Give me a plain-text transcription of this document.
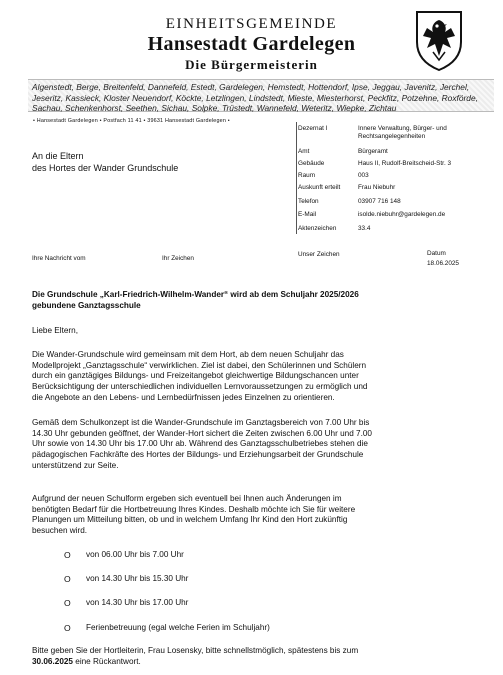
EINHEITSGEMEINDE
Hansestadt Gardelegen
Die Bürgermeisterin
Algenstedt, Berge, Breitenfeld, Dannefeld, Estedt, Gardelegen, Hemstedt, Hottendorf, Ipse, Jeggau, Javenitz, Jerchel,
Jeseritz, Kassieck, Kloster Neuendorf, Köckte, Letzlingen, Lindstedt, Mieste, Miesterhorst, Peckfitz, Potzehne, Roxförde,
Sachau, Schenkenhorst, Seethen, Sichau, Solpke, Trüstedt, Wannefeld, Weteritz, Wiepke, Zichtau
• Hansestadt Gardelegen • Postfach 11 41 • 39631 Hansestadt Gardelegen •
An die Eltern
des Hortes der Wander Grundschule
Dezernat I	Innere Verwaltung, Bürger- und
Rechtsangelegenheiten
Amt	Bürgeramt
Gebäude	Haus II, Rudolf-Breitscheid-Str. 3
Raum	003
Auskunft erteilt	Frau Niebuhr
Telefon	03907 716 148
E-Mail	isolde.niebuhr@gardelegen.de
Aktenzeichen	33.4
Ihre Nachricht vom	Ihr Zeichen
Unser Zeichen	Datum
18.06.2025
Die Grundschule „Karl-Friedrich-Wilhelm-Wander“ wird ab dem Schuljahr 2025/2026
gebundene Ganztagsschule
Liebe Eltern,
Die Wander-Grundschule wird gemeinsam mit dem Hort, ab dem neuen Schuljahr das
Modellprojekt „Ganztagsschule“ verwirklichen. Ziel ist dabei, den Schülerinnen und Schülern
durch ein ganztägiges Bildungs- und Freizeitangebot gleichwertige Bildungschancen unter
Berücksichtigung der unterschiedlichen individuellen Lernvoraussetzungen zu ermöglich und
die Angebote an den Lebens- und Lernbedürfnissen jedes Einzelnen zu orientieren.
Gemäß dem Schulkonzept ist die Wander-Grundschule im Ganztagsbereich von 7.00 Uhr bis
14.30 Uhr gebunden geöffnet, der Wander-Hort sichert die Zeiten zwischen 6.00 Uhr und 7.00
Uhr sowie von 14.30 Uhr bis 17.00 Uhr ab. Während des Ganztagsschulbetriebes stehen die
pädagogischen Fachkräfte des Hortes der Bildungs- und Erziehungsarbeit der Grundschule
unterstützend zur Seite.
Aufgrund der neuen Schulform ergeben sich eventuell bei Ihnen auch Änderungen im
benötigten Bedarf für die Hortbetreuung Ihres Kindes. Deshalb möchte ich Sie für weitere
Planungen um Mitteilung bitten, ob und in welchem Umfang Ihr Kind den Hort zukünftig
besuchen wird.
O von 06.00 Uhr bis 7.00 Uhr
O von 14.30 Uhr bis 15.30 Uhr
O von 14.30 Uhr bis 17.00 Uhr
O Ferienbetreuung (egal welche Ferien im Schuljahr)
Bitte geben Sie der Hortleiterin, Frau Losensky, bitte schnellstmöglich, spätestens bis zum
30.06.2025 eine Rückantwort.
